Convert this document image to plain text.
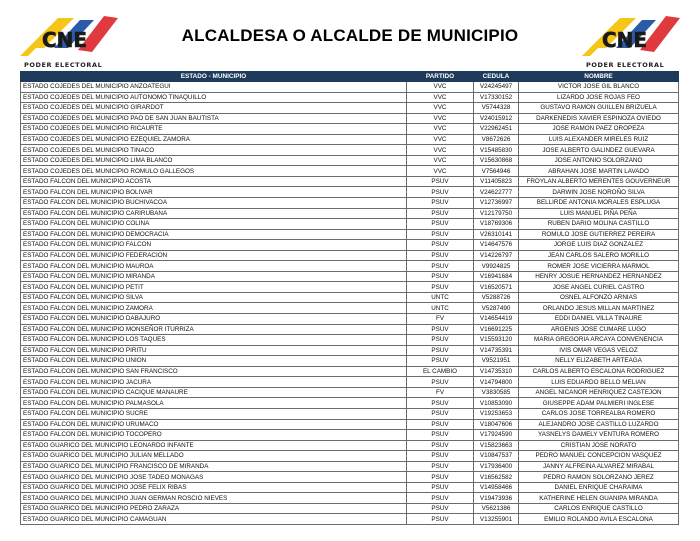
CNE
PODER ELECTORAL
ALCALDESA O ALCALDE DE MUNICIPIO	CNE
PODER ELECTORAL
ESTADO - MUNICIPIO	PARTIDO	CEDULA	NOMBRE
ESTADO COJEDES DEL MUNICIPIO ANZOATEGUI	VVC	V24245497	VICTOR JOSE GIL BLANCO
ESTADO COJEDES DEL MUNICIPIO AUTONOMO TINAQUILLO	VVC	V17330152	LIZARDO JOSE ROJAS FEO
ESTADO COJEDES DEL MUNICIPIO GIRARDOT	VVC	V5744328	GUSTAVO RAMON GUILLEN BRIZUELA
ESTADO COJEDES DEL MUNICIPIO PAO DE SAN JUAN BAUTISTA	VVC	V24015912	DARKENEDIS XAVIER ESPINOZA OVIEDO
ESTADO COJEDES DEL MUNICIPIO RICAURTE	VVC	V22962451	JOSE RAMON PAEZ OROPEZA
ESTADO COJEDES DEL MUNICIPIO EZEQUIEL ZAMORA	VVC	V8672626	LUIS ALEXANDER MIRELES RUIZ
ESTADO COJEDES DEL MUNICIPIO TINACO	VVC	V15485830	JOSE ALBERTO GALINDEZ GUEVARA
ESTADO COJEDES DEL MUNICIPIO LIMA BLANCO	VVC	V15630868	JOSE ANTONIO SOLORZANO
ESTADO COJEDES DEL MUNICIPIO ROMULO GALLEGOS	VVC	V7564946	ABRAHAN JOSE MARTIN LAVADO
ESTADO FALCON DEL MUNICIPIO ACOSTA	PSUV	V11405823	FROYLAN ALBERTO MERENTES GOUVERNEUR
ESTADO FALCON DEL MUNICIPIO BOLIVAR	PSUV	V24622777	DARWIN JOSE NOROÑO SILVA
ESTADO FALCON DEL MUNICIPIO BUCHIVACOA	PSUV	V12736997	BELLIRDE ANTONIA MORALES ESPLUGA
ESTADO FALCON DEL MUNICIPIO CARIRUBANA	PSUV	V12179750	LUIS MANUEL PIÑA PEÑA
ESTADO FALCON DEL MUNICIPIO COLINA	PSUV	V18769306	RUBEN DARIO MOLINA CASTILLO
ESTADO FALCON DEL MUNICIPIO DEMOCRACIA	PSUV	V26310141	ROMULO JOSE GUTIERREZ PEREIRA
ESTADO FALCON DEL MUNICIPIO FALCON	PSUV	V14647576	JORGE LUIS DIAZ GONZALEZ
ESTADO FALCON DEL MUNICIPIO FEDERACION	PSUV	V14226797	JEAN CARLOS SALERO MORILLO
ESTADO FALCON DEL MUNICIPIO MAUROA	PSUV	V9924825	ROMER JOSE VICIERRA MARMOL
ESTADO FALCON DEL MUNICIPIO MIRANDA	PSUV	V16941684	HENRY JOSUE HERNANDEZ HERNANDEZ
ESTADO FALCON DEL MUNICIPIO PETIT	PSUV	V16520571	JOSE ANGEL CURIEL CASTRO
ESTADO FALCON DEL MUNICIPIO SILVA	UNTC	V5288726	OSNEL ALFONZO ARNIAS
ESTADO FALCON DEL MUNICIPIO ZAMORA	UNTC	V5287490	ORLANDO JESUS MILLAN MARTINEZ
ESTADO FALCON DEL MUNICIPIO DABAJURO	FV	V14654419	EDDI DANIEL VILLA TINAURE
ESTADO FALCON DEL MUNICIPIO MONSEÑOR ITURRIZA	PSUV	V16691225	ARGENIS JOSE CUMARE LUGO
ESTADO FALCON DEL MUNICIPIO LOS TAQUES	PSUV	V15593120	MARIA GREGORIA ARCAYA CONVENENCIA
ESTADO FALCON DEL MUNICIPIO PIRITU	PSUV	V14735391	IVIS OMAR VEGAS VELOZ
ESTADO FALCON DEL MUNICIPIO UNION	PSUV	V9521951	NELLY ELIZABETH ARTEAGA
ESTADO FALCON DEL MUNICIPIO SAN FRANCISCO	EL CAMBIO	V14735310	CARLOS ALBERTO ESCALONA RODRIGUEZ
ESTADO FALCON DEL MUNICIPIO JACURA	PSUV	V14794800	LUIS EDUARDO BELLO MELIAN
ESTADO FALCON DEL MUNICIPIO CACIQUE MANAURE	FV	V3830585	ANGEL NICANOR HENRIQUEZ CASTEJON
ESTADO FALCON DEL MUNICIPIO PALMASOLA	PSUV	V10853090	GIUSEPPE ADAM PALMIERI INGLESE
ESTADO FALCON DEL MUNICIPIO SUCRE	PSUV	V19253653	CARLOS JOSE TORREALBA ROMERO
ESTADO FALCON DEL MUNICIPIO URUMACO	PSUV	V18047606	ALEJANDRO JOSE CASTILLO LUZARDO
ESTADO FALCON DEL MUNICIPIO TOCOPERO	PSUV	V17924590	YASNELYS DAMELY VENTURA ROMERO
ESTADO GUARICO DEL MUNICIPIO LEONARDO INFANTE	PSUV	V15823663	CRISTIAN JOSE NORATO
ESTADO GUARICO DEL MUNICIPIO JULIAN MELLADO	PSUV	V10847537	PEDRO MANUEL CONCEPCION VASQUEZ
ESTADO GUARICO DEL MUNICIPIO FRANCISCO DE MIRANDA	PSUV	V17936400	JANNY ALFREINA ALVAREZ MIRABAL
ESTADO GUARICO DEL MUNICIPIO JOSE TADEO MONAGAS	PSUV	V16562582	PEDRO RAMON SOLORZANO JEREZ
ESTADO GUARICO DEL MUNICIPIO JOSE FELIX RIBAS	PSUV	V14958466	DANIEL ENRIQUE CHARAIMA
ESTADO GUARICO DEL MUNICIPIO JUAN GERMAN ROSCIO NIEVES	PSUV	V19473936	KATHERINE HELEN GUANIPA MIRANDA
ESTADO GUARICO DEL MUNICIPIO PEDRO ZARAZA	PSUV	V5621386	CARLOS ENRIQUE CASTILLO
ESTADO GUARICO DEL MUNICIPIO CAMAGUAN	PSUV	V13255901	EMILIO ROLANDO AVILA ESCALONA
